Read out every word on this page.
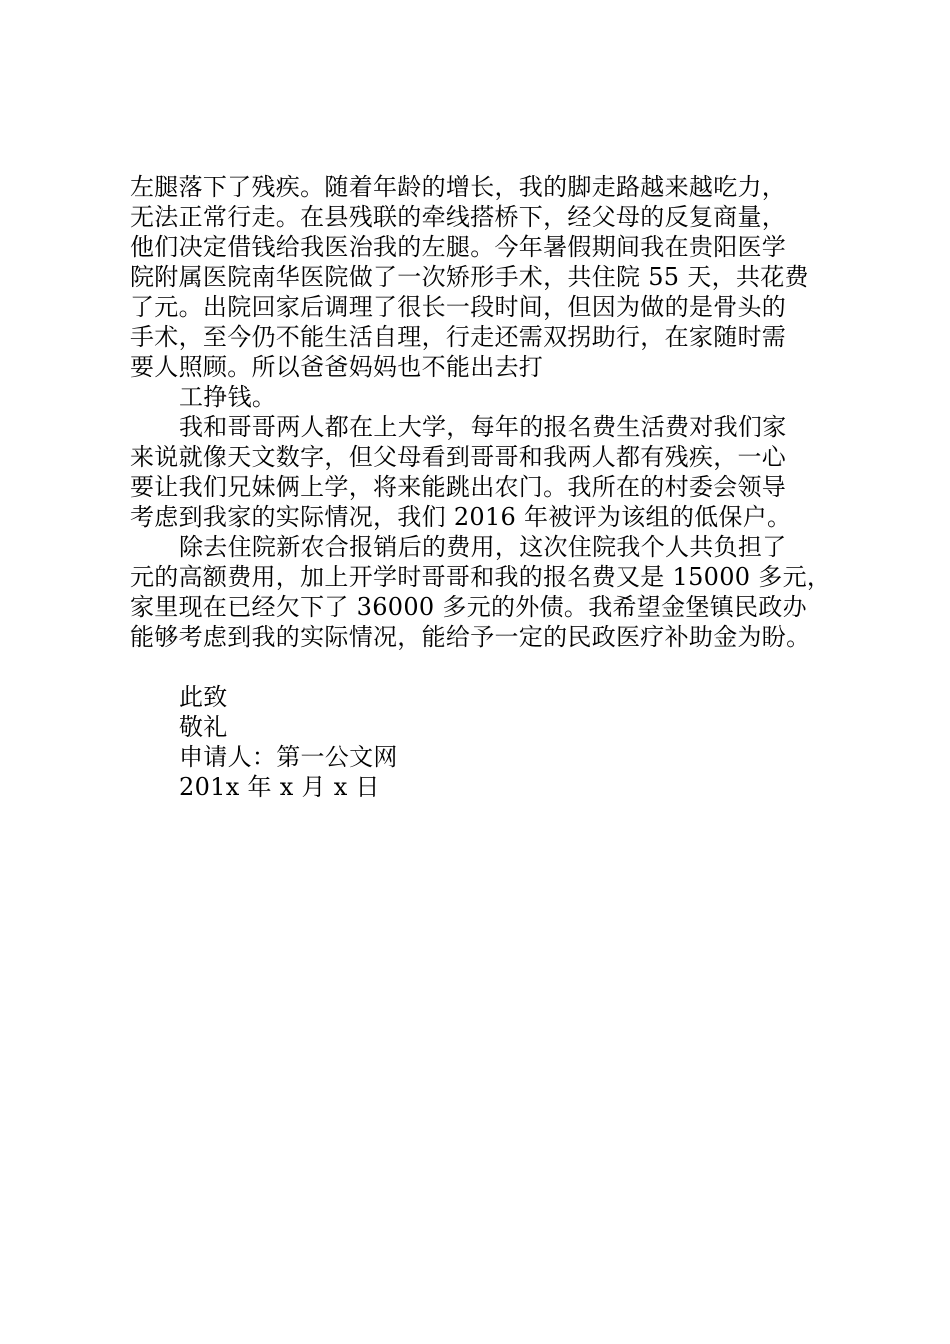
左腿落下了残疾。随着年龄的增长，我的脚走路越来越吃力，
无法正常行走。在县残联的牵线搭桥下，经父母的反复商量，
他们决定借钱给我医治我的左腿。今年暑假期间我在贵阳医学
院附属医院南华医院做了一次矫形手术，共住院 55 天，共花费
了元。出院回家后调理了很长一段时间，但因为做的是骨头的
手术，至今仍不能生活自理，行走还需双拐助行，在家随时需
要人照顾。所以爸爸妈妈也不能出去打
工挣钱。
我和哥哥两人都在上大学，每年的报名费生活费对我们家
来说就像天文数字，但父母看到哥哥和我两人都有残疾，一心
要让我们兄妹俩上学，将来能跳出农门。我所在的村委会领导
考虑到我家的实际情况，我们 2016 年被评为该组的低保户。
除去住院新农合报销后的费用，这次住院我个人共负担了
元的高额费用，加上开学时哥哥和我的报名费又是 15000 多元，
家里现在已经欠下了 36000 多元的外债。我希望金堡镇民政办
能够考虑到我的实际情况，能给予一定的民政医疗补助金为盼。
此致
敬礼
申请人：第一公文网
201x 年 x 月 x 日
